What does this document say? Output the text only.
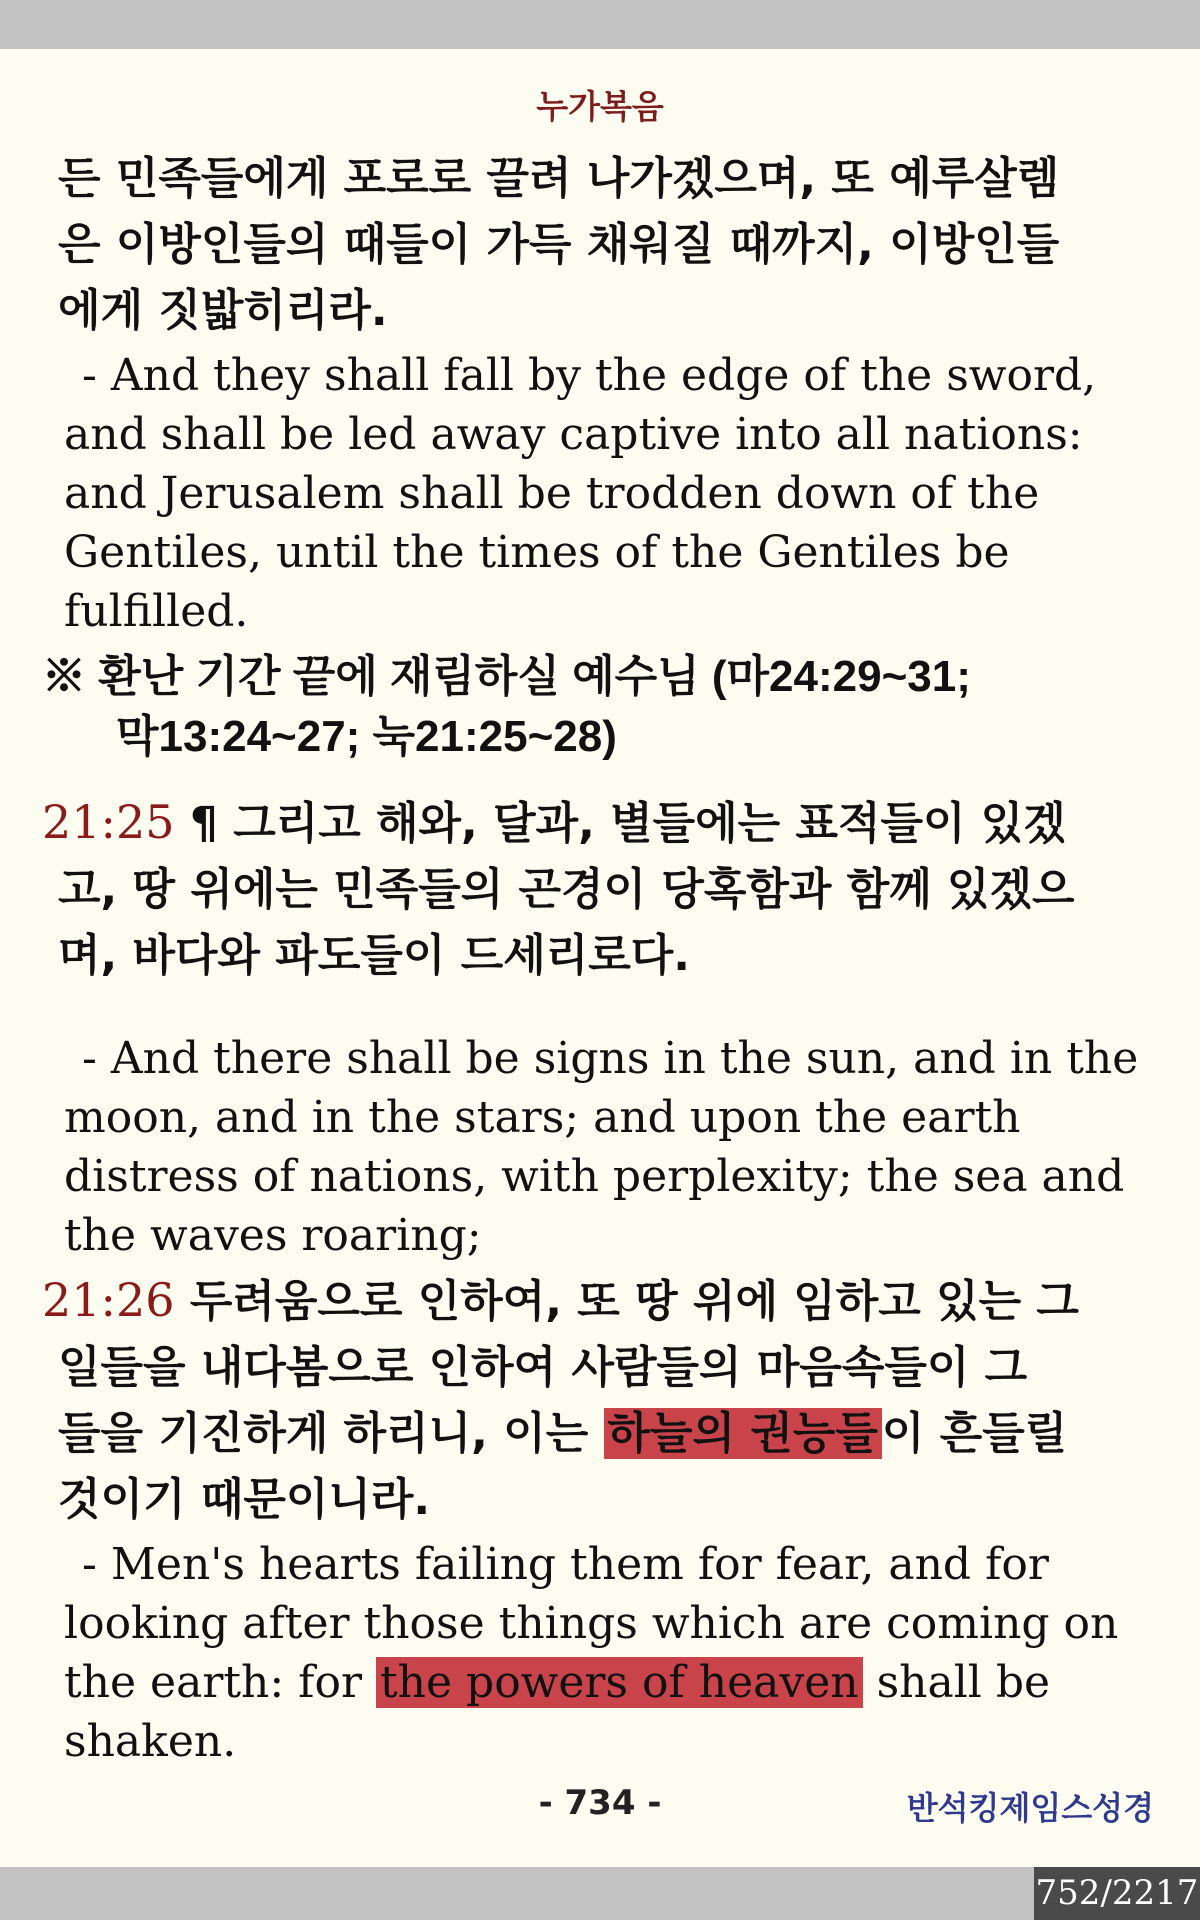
누가복음

든 민족들에게 포로로 끌려 나가겠으며, 또 예루살렘
은 이방인들의 때들이 가득 채워질 때까지, 이방인들
에게 짓밟히리라.

- And they shall fall by the edge of the sword,
and shall be led away captive into all nations:
and Jerusalem shall be trodden down of the
Gentiles, until the times of the Gentiles be
fulfilled.

※ 환난 기간 끝에 재림하실 예수님 (마24:29~31;
막13:24~27; 눅21:25~28)

21:25 ¶ 그리고 해와, 달과, 별들에는 표적들이 있겠
고, 땅 위에는 민족들의 곤경이 당혹함과 함께 있겠으
며, 바다와 파도들이 드세리로다.

- And there shall be signs in the sun, and in the
moon, and in the stars; and upon the earth
distress of nations, with perplexity; the sea and
the waves roaring;

21:26 두려움으로 인하여, 또 땅 위에 임하고 있는 그
일들을 내다봄으로 인하여 사람들의 마음속들이 그
들을 기진하게 하리니, 이는 하늘의 권능들이 흔들릴
것이기 때문이니라.

- Men's hearts failing them for fear, and for
looking after those things which are coming on
the earth: for the powers of heaven shall be
shaken.

- 734 -	반석킹제임스성경
752/2217
